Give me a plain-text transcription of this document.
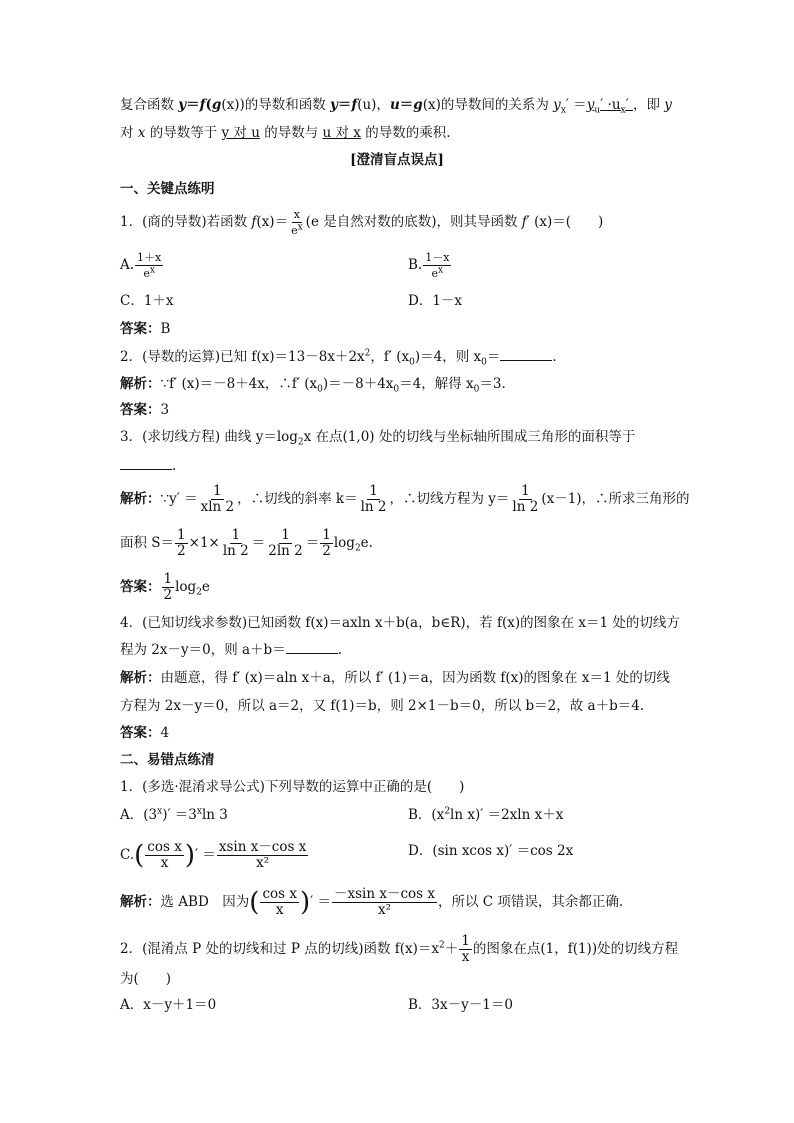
复合函数 y＝f(g(x))的导数和函数 y＝f(u)，u＝g(x)的导数间的关系为 $y_x' =y_u' \cdot u_x'$ ，即 y
对 x 的导数等于 y 对 u 的导数与 u 对 x 的导数的乘积.
[澄清盲点误点]
一、关键点练明
1．(商的导数)若函数 $f(x)= \frac{x}{e^x} (e$ 是自然对数的底数)，则其导函数 f′ (x)＝(　　)
A. $\frac{1+x}{e^x}$	B. $\frac{1-x}{e^x}$
C．1＋x	D．1－x
答案：B
2．(导数的运算)已知 $f(x)=13-8x+2x^2$，f′ $(x_0)=4$，则 $x_0=$	.
解析：∵f′ (x)＝－8＋4x，∴f′ $(x_0)=-8+4x_0=4$，解得 $x_0=3$.
答案：3
3．(求切线方程) 曲线 $y=\log_2x$ 在点(1,0) 处的切线与坐标轴所围成三角形的面积等于
.
解析：∵y′ ＝ $\frac{1}{xln 2}$ ，∴切线的斜率 $k= \frac{1}{\ln 2}$ ，∴切线方程为 $y= \frac{1}{\ln 2} (x-1)$，∴所求三角形的
面积 $S= \frac{1}{2} \times 1\times \frac{1}{\ln 2} = \frac{1}{2\ln 2} = \frac{1}{2} \log_2e$.
答案： $\frac{1}{2} \log_2e$
4．(已知切线求参数)已知函数 f(x)＝axln x＋b(a，b∈R)，若 f(x)的图象在 x＝1 处的切线方
程为 2x－y＝0，则 a＋b＝	.
解析：由题意，得 f′ (x)＝aln x＋a，所以 f′ (1)＝a，因为函数 f(x)的图象在 x＝1 处的切线
方程为 2x－y＝0，所以 a＝2，又 f(1)＝b，则 2×1－b＝0，所以 b＝2，故 a＋b＝4.
答案：4
二、易错点练清
1．(多选·混淆求导公式)下列导数的运算中正确的是(　　)
A．$(3^x)' =3^x\ln$ 3	B．($x^2\ln$ x)′ ＝2xln x＋x
$C.( \frac{\text{cos x}}{x}$ )′ ＝ $\frac{\text{xsin x－cos x}}{\text{x²}}$	D．(sin xcos x)′ ＝cos 2x
解析：选 ABD　因为( $\frac{\text{cos x}}{x}$ )′ ＝ $\frac{\text{－xsin x－cos x}}{\text{x²}}$ ，所以 C 项错误，其余都正确.
2．(混淆点 P 处的切线和过 P 点的切线)函数 $f(x)=x^2+ \frac{1}{x}$ 的图象在点(1，f(1))处的切线方程
为(　　)
A．x－y＋1＝0	B．3x－y－1＝0
